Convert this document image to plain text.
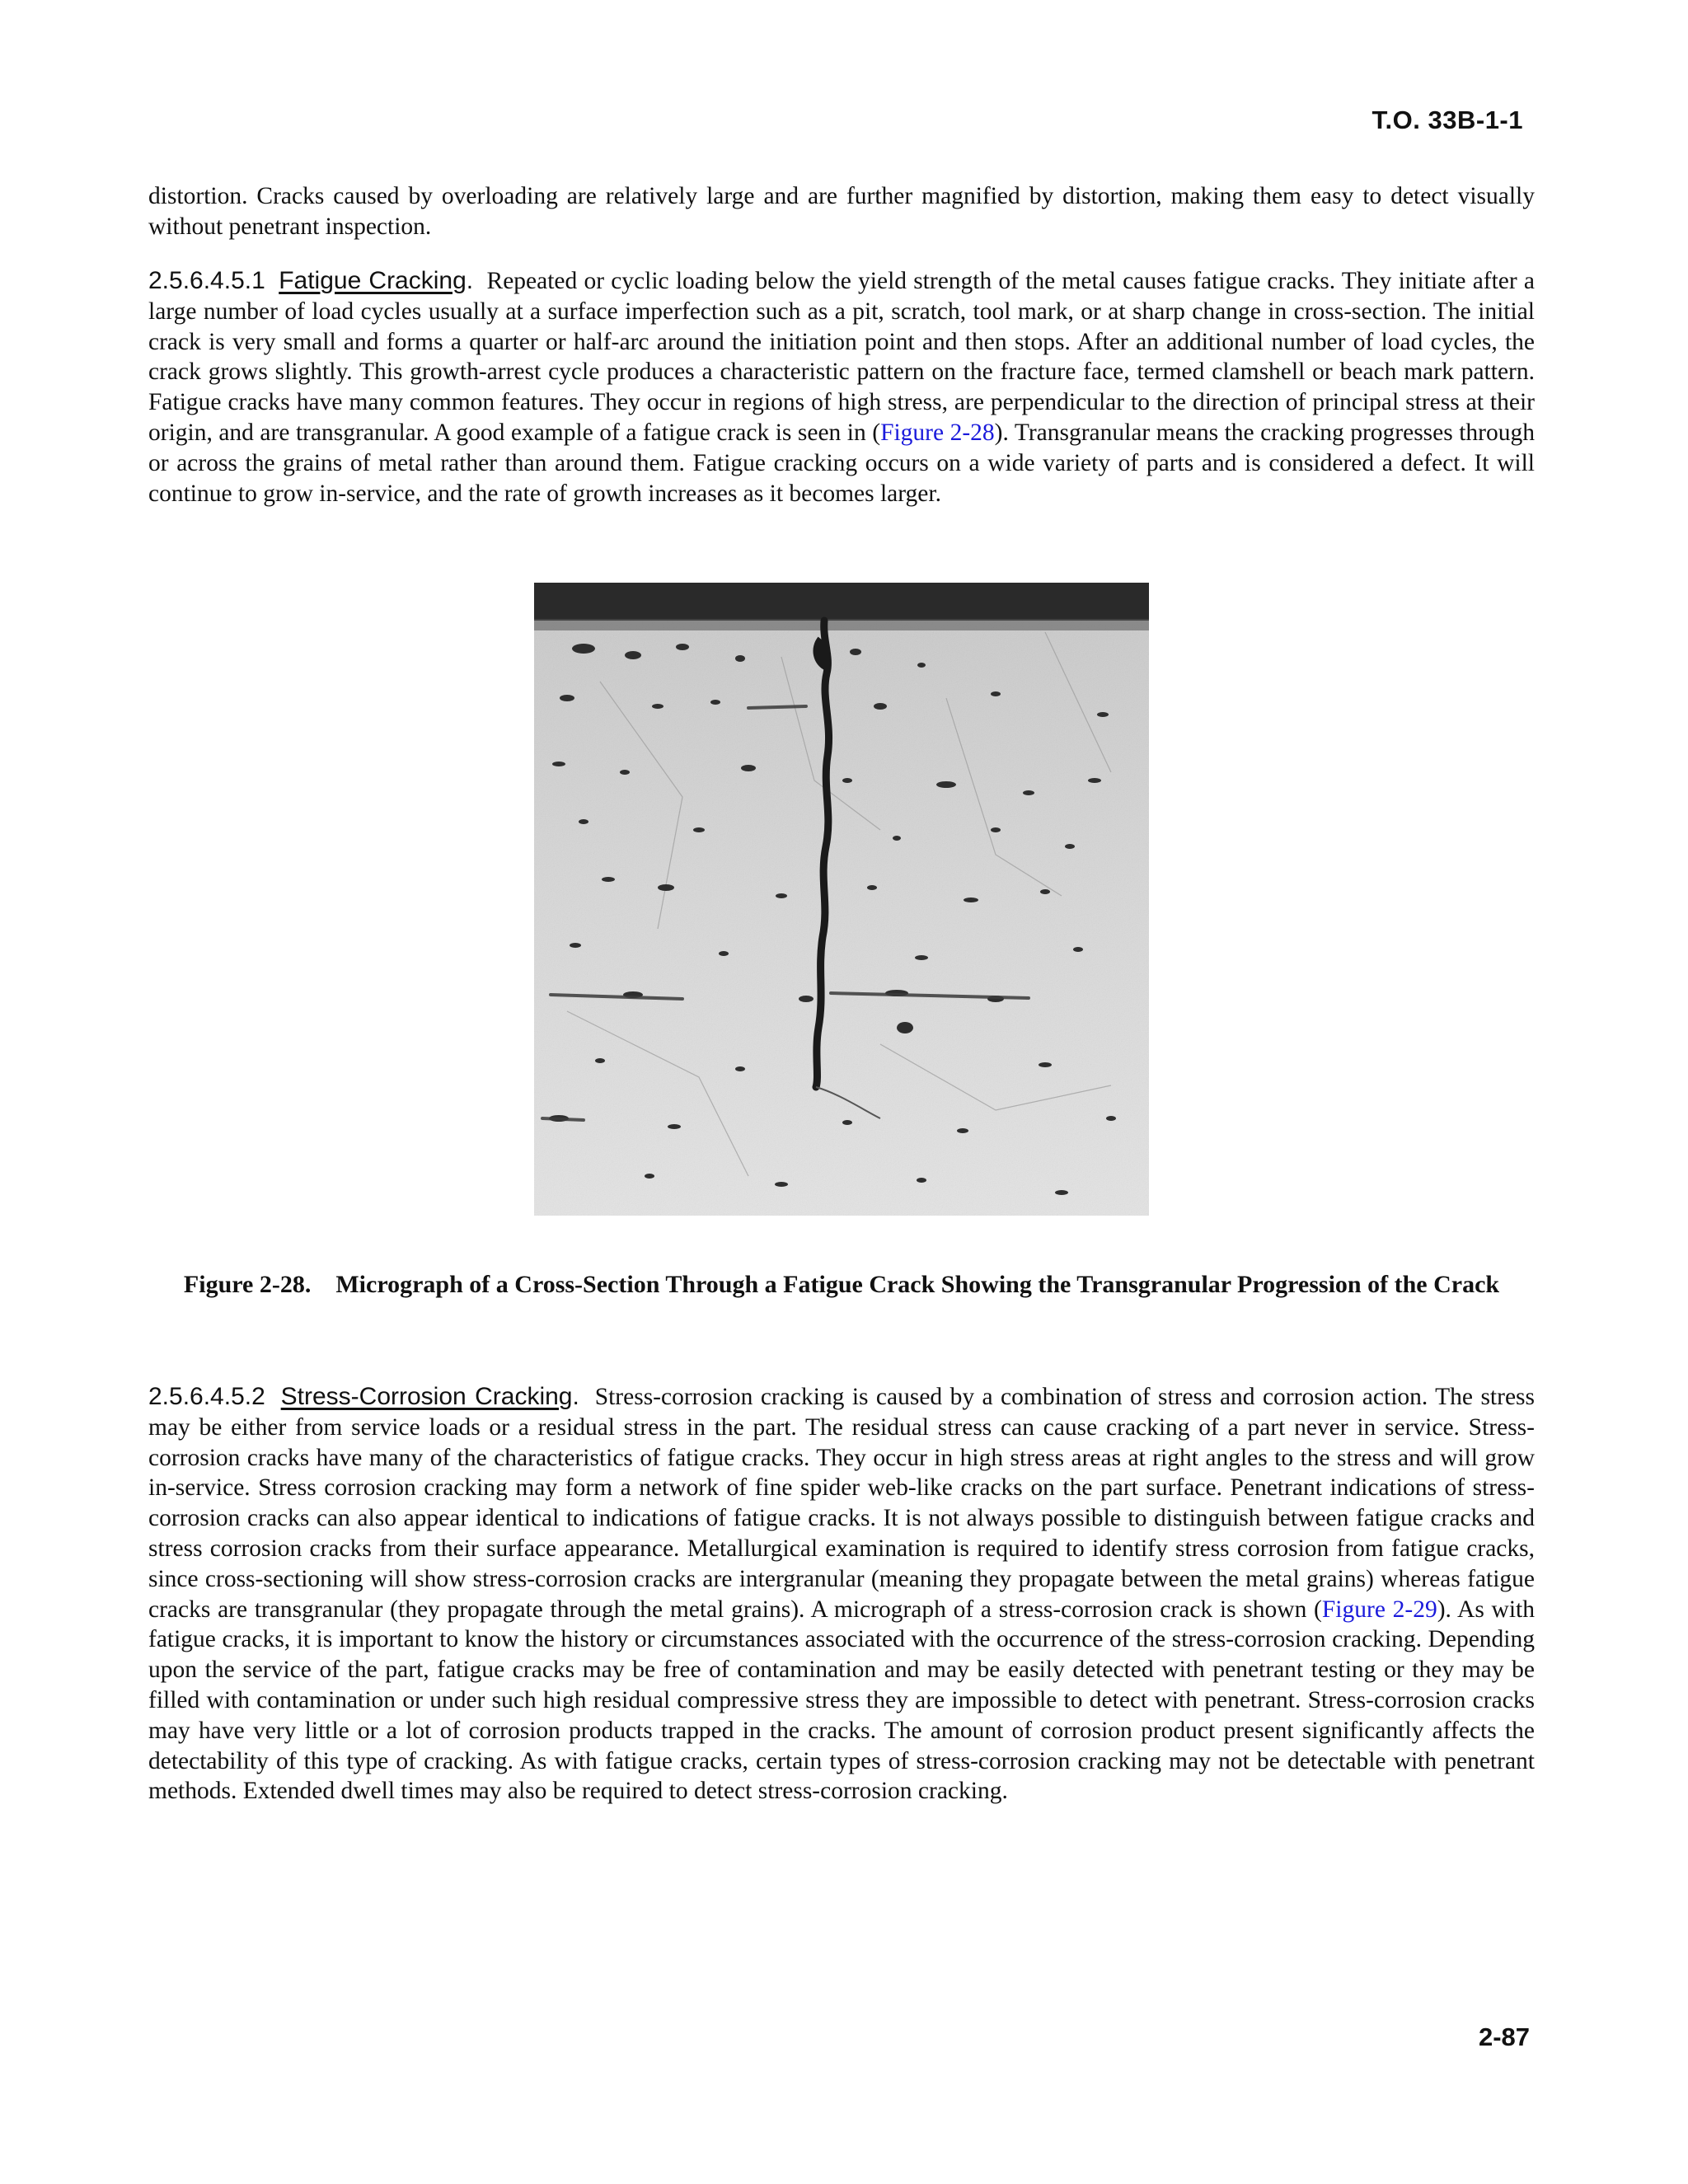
T.O. 33B-1-1

distortion. Cracks caused by overloading are relatively large and are further magnified by distortion, making them easy to detect visually without penetrant inspection.

2.5.6.4.5.1 Fatigue Cracking. Repeated or cyclic loading below the yield strength of the metal causes fatigue cracks. They initiate after a large number of load cycles usually at a surface imperfection such as a pit, scratch, tool mark, or at sharp change in cross-section. The initial crack is very small and forms a quarter or half-arc around the initiation point and then stops. After an additional number of load cycles, the crack grows slightly. This growth-arrest cycle produces a characteristic pattern on the fracture face, termed clamshell or beach mark pattern. Fatigue cracks have many common features. They occur in regions of high stress, are perpendicular to the direction of principal stress at their origin, and are transgranular. A good example of a fatigue crack is seen in (Figure 2-28). Transgranular means the cracking progresses through or across the grains of metal rather than around them. Fatigue cracking occurs on a wide variety of parts and is considered a defect. It will continue to grow in-service, and the rate of growth increases as it becomes larger.

Figure 2-28. Micrograph of a Cross-Section Through a Fatigue Crack Showing the Transgranular Progression of the Crack

2.5.6.4.5.2 Stress-Corrosion Cracking. Stress-corrosion cracking is caused by a combination of stress and corrosion action. The stress may be either from service loads or a residual stress in the part. The residual stress can cause cracking of a part never in service. Stress-corrosion cracks have many of the characteristics of fatigue cracks. They occur in high stress areas at right angles to the stress and will grow in-service. Stress corrosion cracking may form a network of fine spider web-like cracks on the part surface. Penetrant indications of stress-corrosion cracks can also appear identical to indications of fatigue cracks. It is not always possible to distinguish between fatigue cracks and stress corrosion cracks from their surface appearance. Metallurgical examination is required to identify stress corrosion from fatigue cracks, since cross-sectioning will show stress-corrosion cracks are intergranular (meaning they propagate between the metal grains) whereas fatigue cracks are transgranular (they propagate through the metal grains). A micrograph of a stress-corrosion crack is shown (Figure 2-29). As with fatigue cracks, it is important to know the history or circumstances associated with the occurrence of the stress-corrosion cracking. Depending upon the service of the part, fatigue cracks may be free of contamination and may be easily detected with penetrant testing or they may be filled with contamination or under such high residual compressive stress they are impossible to detect with penetrant. Stress-corrosion cracks may have very little or a lot of corrosion products trapped in the cracks. The amount of corrosion product present significantly affects the detectability of this type of cracking. As with fatigue cracks, certain types of stress-corrosion cracking may not be detectable with penetrant methods. Extended dwell times may also be required to detect stress-corrosion cracking.

2-87
